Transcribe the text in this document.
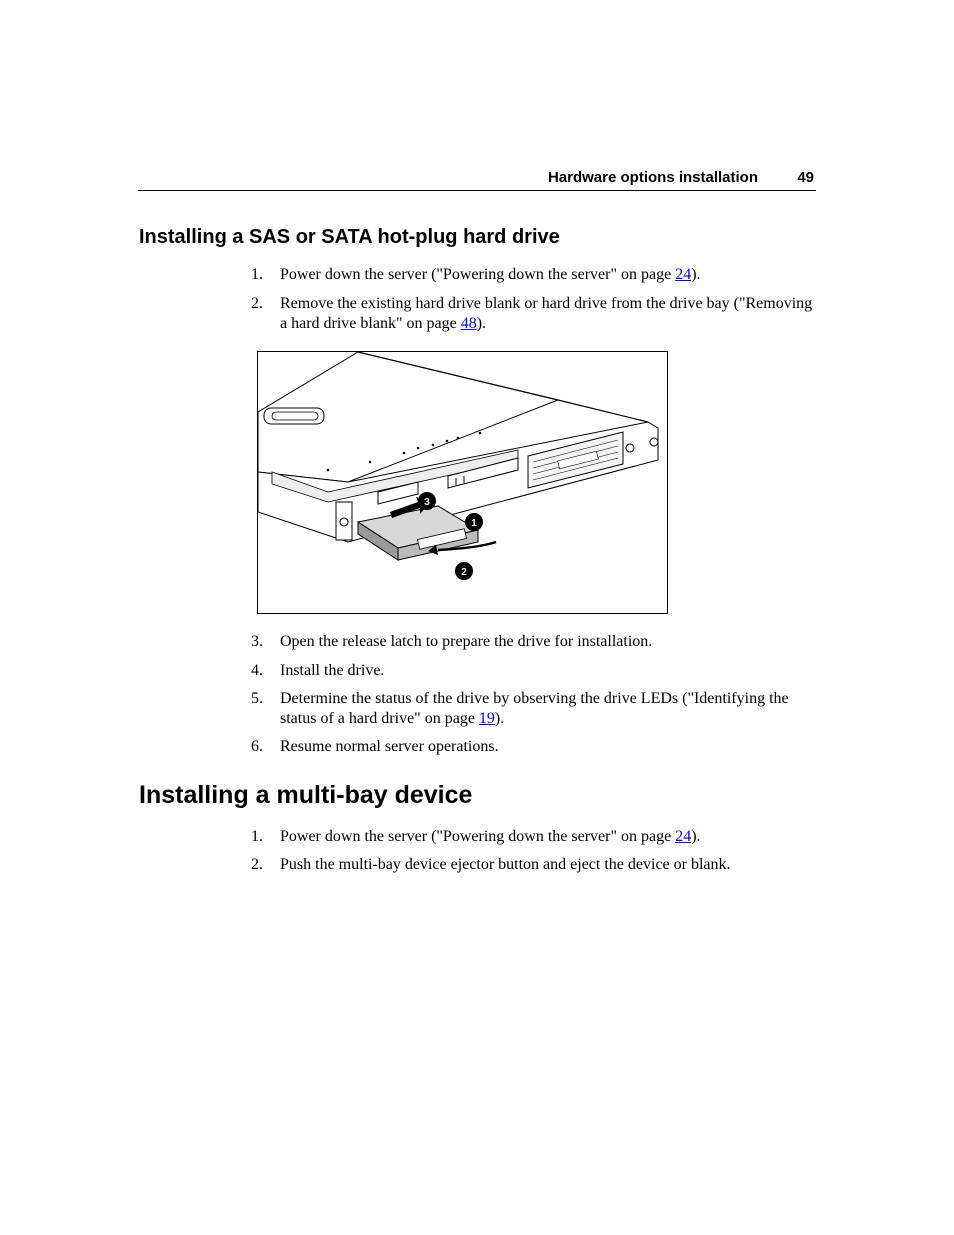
Hardware options installation	49
Installing a SAS or SATA hot-plug hard drive
1. Power down the server ("Powering down the server" on page 24).
2. Remove the existing hard drive blank or hard drive from the drive bay ("Removing a hard drive blank" on page 48).
3
1
2
3. Open the release latch to prepare the drive for installation.
4. Install the drive.
5. Determine the status of the drive by observing the drive LEDs ("Identifying the status of a hard drive" on page 19).
6. Resume normal server operations.
Installing a multi-bay device
1. Power down the server ("Powering down the server" on page 24).
2. Push the multi-bay device ejector button and eject the device or blank.
